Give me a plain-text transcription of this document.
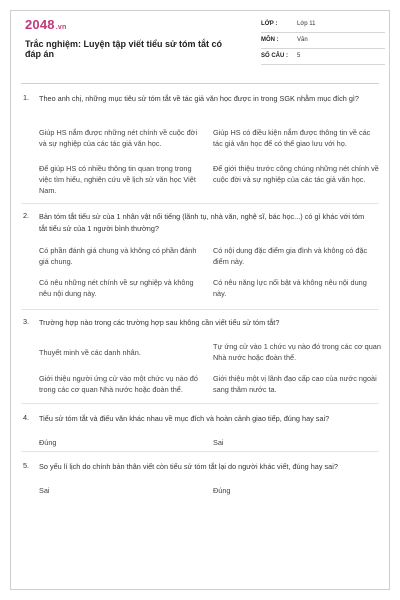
2048.vn
Trắc nghiệm: Luyện tập viết tiểu sử tóm tắt có đáp án
LỚP :	Lớp 11
MÔN :	Văn
SỐ CÂU : 5
1. Theo anh chị, những mục tiêu sử tóm tắt về tác giả văn học được in trong SGK nhằm mục đích gì?
Giúp HS nắm được những nét chính về cuộc đời và sự nghiệp của các tác giả văn học.
Giúp HS có điều kiện nắm được thông tin về các tác giả văn học để có thể giao lưu với họ.
Để giúp HS có nhiều thông tin quan trọng trong việc tìm hiểu, nghiên cứu về lịch sử văn học Việt Nam.
Để giới thiệu trước công chúng những nét chính về cuộc đời và sự nghiệp của các tác giả văn học.
2. Bản tóm tắt tiểu sử của 1 nhân vật nổi tiếng (lãnh tụ, nhà văn, nghệ sĩ, bác học...) có gì khác với tóm tắt tiểu sử của 1 người bình thường?
Có phần đánh giá chung và không có phần đánh giá chung.
Có nội dung đặc điểm gia đình và không có đặc điểm này.
Có nêu những nét chính về sự nghiệp và không nêu nội dung này.
Có nêu năng lực nổi bật và không nêu nội dung này.
3. Trường hợp nào trong các trường hợp sau không cần viết tiểu sử tóm tắt?
Thuyết minh về các danh nhân.
Tự ứng cử vào 1 chức vụ nào đó trong các cơ quan Nhà nước hoặc đoàn thể.
Giới thiệu người ứng cử vào một chức vụ nào đó trong các cơ quan Nhà nước hoặc đoàn thể.
Giới thiệu một vị lãnh đạo cấp cao của nước ngoài sang thăm nước ta.
4. Tiểu sử tóm tắt và điếu văn khác nhau về mục đích và hoàn cảnh giao tiếp, đúng hay sai?
Đúng	Sai
5. So yếu lí lịch do chính bản thân viết còn tiểu sử tóm tắt lại do người khác viết, đúng hay sai?
Sai	Đúng
